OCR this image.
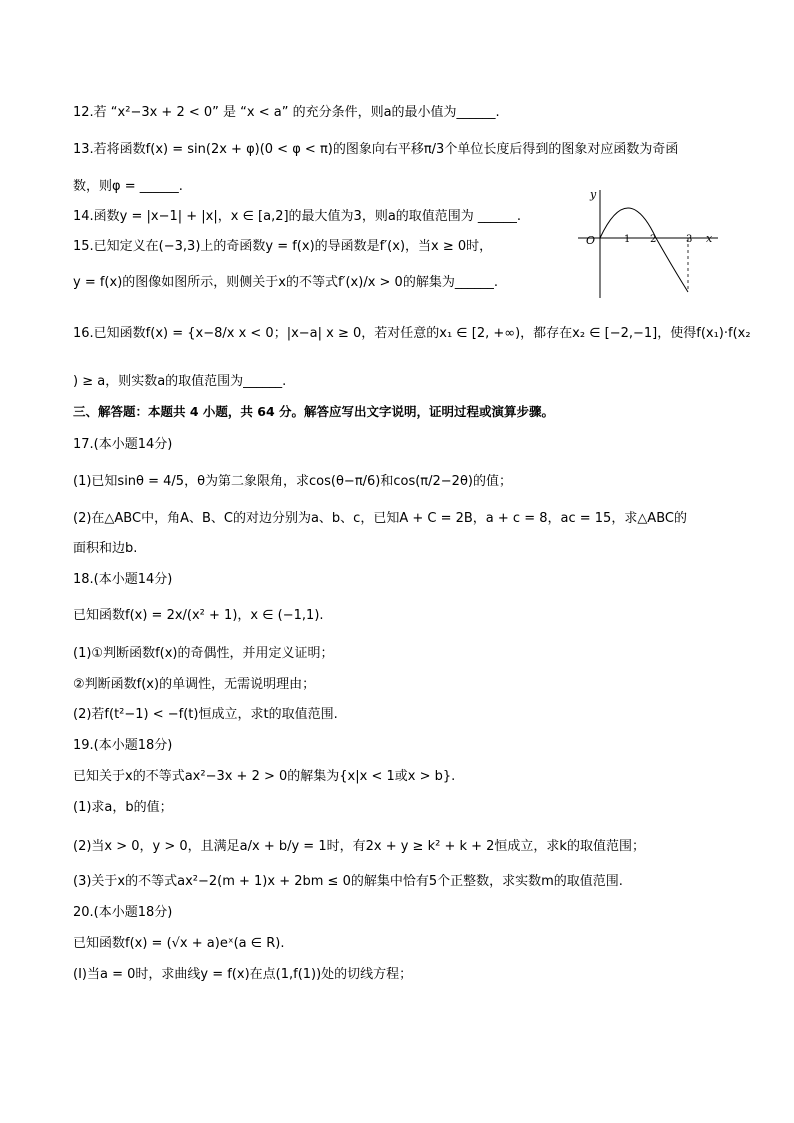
12.若 “x²−3x + 2 < 0” 是 “x < a” 的充分条件，则a的最小值为______.
13.若将函数f(x) = sin(2x + φ)(0 < φ < π)的图象向右平移π/3个单位长度后得到的图象对应函数为奇函
数，则φ = ______.
14.函数y = |x−1| + |x|，x ∈ [a,2]的最大值为3，则a的取值范围为 ______.
15.已知定义在(−3,3)上的奇函数y = f(x)的导函数是f′(x)，当x ≥ 0时，
y = f(x)的图像如图所示，则侧关于x的不等式f′(x)/x > 0的解集为______.
16.已知函数f(x) = {x−8/x x < 0；|x−a| x ≥ 0，若对任意的x₁ ∈ [2, +∞)，都存在x₂ ∈ [−2,−1]，使得f(x₁)·f(x₂
) ≥ a，则实数a的取值范围为______.
三、解答题：本题共 4 小题，共 64 分。解答应写出文字说明，证明过程或演算步骤。
17.(本小题14分)
(1)已知sinθ = 4/5，θ为第二象限角，求cos(θ−π/6)和cos(π/2−2θ)的值；
(2)在△ABC中，角A、B、C的对边分别为a、b、c，已知A + C = 2B，a + c = 8，ac = 15，求△ABC的
面积和边b.
18.(本小题14分)
已知函数f(x) = 2x/(x² + 1)，x ∈ (−1,1).
(1)①判断函数f(x)的奇偶性，并用定义证明；
②判断函数f(x)的单调性，无需说明理由；
(2)若f(t²−1) < −f(t)恒成立，求t的取值范围.
19.(本小题18分)
已知关于x的不等式ax²−3x + 2 > 0的解集为{x|x < 1或x > b}.
(1)求a，b的值；
(2)当x > 0，y > 0，且满足a/x + b/y = 1时，有2x + y ≥ k² + k + 2恒成立，求k的取值范围；
(3)关于x的不等式ax²−2(m + 1)x + 2bm ≤ 0的解集中恰有5个正整数，求实数m的取值范围.
20.(本小题18分)
已知函数f(x) = (√x + a)eˣ(a ∈ R).
(Ⅰ)当a = 0时，求曲线y = f(x)在点(1,f(1))处的切线方程；
y
x
O	1 2	3
